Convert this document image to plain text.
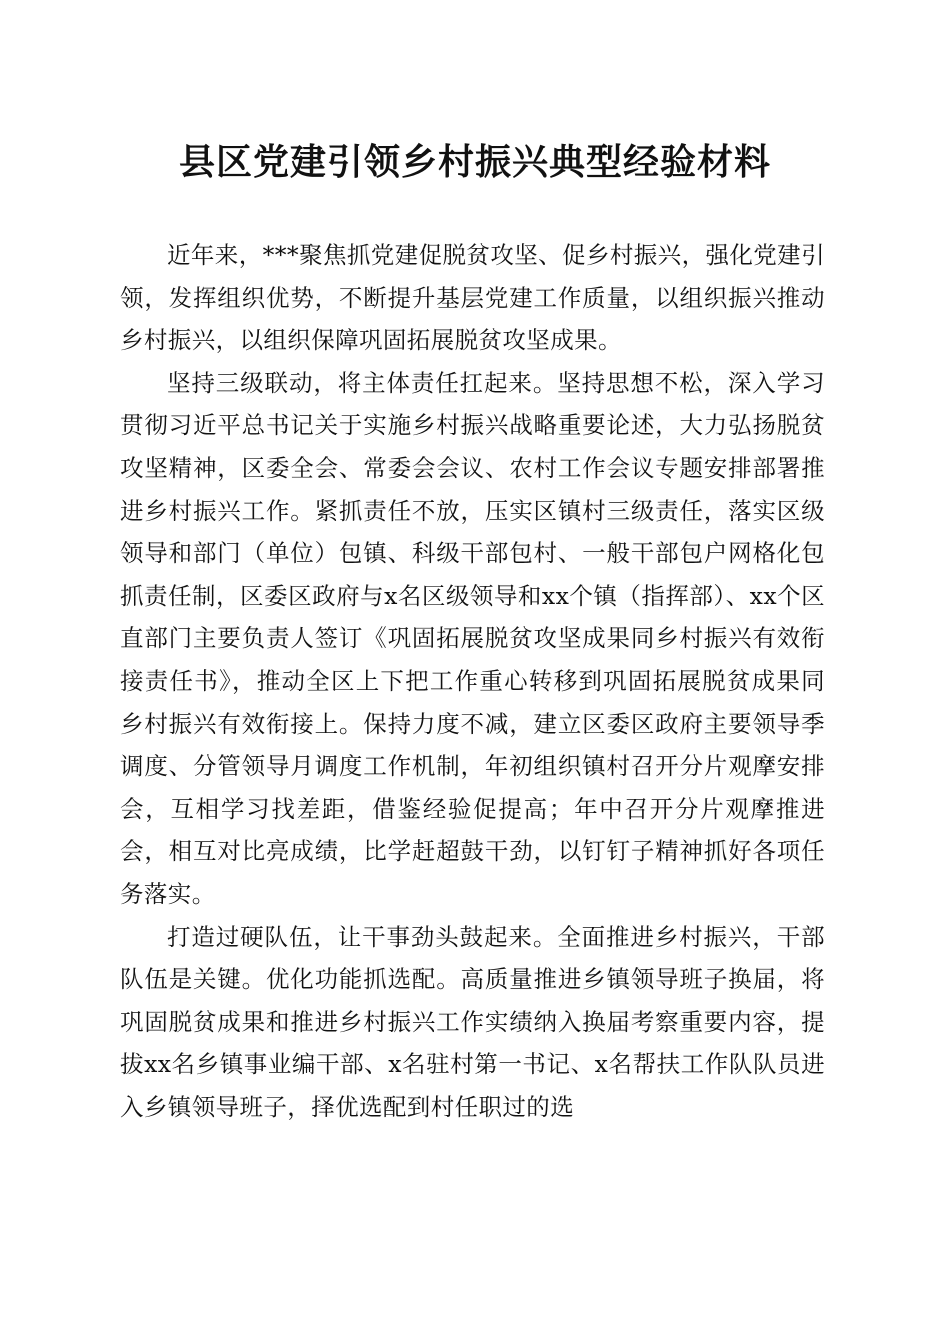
县区党建引领乡村振兴典型经验材料

近年来，***聚焦抓党建促脱贫攻坚、促乡村振兴，强化党建引领，发挥组织优势，不断提升基层党建工作质量，以组织振兴推动乡村振兴，以组织保障巩固拓展脱贫攻坚成果。

坚持三级联动，将主体责任扛起来。坚持思想不松，深入学习贯彻习近平总书记关于实施乡村振兴战略重要论述，大力弘扬脱贫攻坚精神，区委全会、常委会会议、农村工作会议专题安排部署推进乡村振兴工作。紧抓责任不放，压实区镇村三级责任，落实区级领导和部门（单位）包镇、科级干部包村、一般干部包户网格化包抓责任制，区委区政府与x名区级领导和xx个镇（指挥部）、xx个区直部门主要负责人签订《巩固拓展脱贫攻坚成果同乡村振兴有效衔接责任书》，推动全区上下把工作重心转移到巩固拓展脱贫成果同乡村振兴有效衔接上。保持力度不减，建立区委区政府主要领导季调度、分管领导月调度工作机制，年初组织镇村召开分片观摩安排会，互相学习找差距，借鉴经验促提高；年中召开分片观摩推进会，相互对比亮成绩，比学赶超鼓干劲，以钉钉子精神抓好各项任务落实。

打造过硬队伍，让干事劲头鼓起来。全面推进乡村振兴，干部队伍是关键。优化功能抓选配。高质量推进乡镇领导班子换届，将巩固脱贫成果和推进乡村振兴工作实绩纳入换届考察重要内容，提拔xx名乡镇事业编干部、x名驻村第一书记、x名帮扶工作队队员进入乡镇领导班子，择优选配到村任职过的选
